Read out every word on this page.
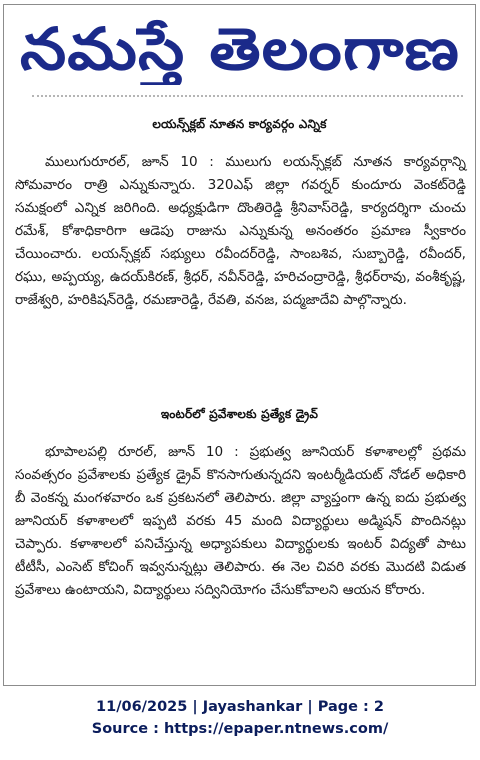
నమస్తే తెలంగాణ
లయన్స్‌క్లబ్ నూతన కార్యవర్గం ఎన్నిక

ములుగురూరల్, జూన్ 10 : ములుగు లయన్స్‌క్లబ్ నూతన కార్యవర్గాన్ని సోమవారం రాత్రి ఎన్నుకున్నారు. 320ఎఫ్ జిల్లా గవర్నర్ కుందూరు వెంకట్‌రెడ్డి సమక్షంలో ఎన్నిక జరిగింది. అధ్యక్షుడిగా దొంతిరెడ్డి శ్రీనివాస్‌రెడ్డి, కార్యదర్శిగా చుంచు రమేశ్, కోశాధికారిగా ఆడెపు రాజును ఎన్నుకున్న అనంతరం ప్రమాణ స్వీకారం చేయించారు. లయన్స్‌క్లబ్ సభ్యులు రవీందర్‌రెడ్డి, సాంబశివ, సుబ్బారెడ్డి, రవీందర్, రఘు, అప్పయ్య, ఉదయ్‌కిరణ్, శ్రీధర్, నవీన్‌రెడ్డి, హరిచంద్రారెడ్డి, శ్రీధర్‌రావు, వంశీకృష్ణ, రాజేశ్వరి, హరికిషన్‌రెడ్డి, రమణారెడ్డి, రేవతి, వనజ, పద్మజాదేవి పాల్గొన్నారు.

ఇంటర్‌లో ప్రవేశాలకు ప్రత్యేక డ్రైవ్

భూపాలపల్లి రూరల్, జూన్ 10 : ప్రభుత్వ జూనియర్ కళాశాలల్లో ప్రథమ సంవత్సరం ప్రవేశాలకు ప్రత్యేక డ్రైవ్ కొనసాగుతున్నదని ఇంటర్మీడియట్ నోడల్ అధికారి బీ వెంకన్న మంగళవారం ఒక ప్రకటనలో తెలిపారు. జిల్లా వ్యాప్తంగా ఉన్న ఐదు ప్రభుత్వ జూనియర్ కళాశాలలో ఇప్పటి వరకు 45 మంది విద్యార్థులు అడ్మిషన్ పొందినట్లు చెప్పారు. కళాశాలలో పనిచేస్తున్న అధ్యాపకులు విద్యార్థులకు ఇంటర్ విద్యతో పాటు టీటీసీ, ఎంసెట్ కోచింగ్ ఇవ్వనున్నట్లు తెలిపారు. ఈ నెల చివరి వరకు మొదటి విడుత ప్రవేశాలు ఉంటాయని, విద్యార్థులు సద్వినియోగం చేసుకోవాలని ఆయన కోరారు.

11/06/2025 | Jayashankar | Page : 2
Source : https://epaper.ntnews.com/
